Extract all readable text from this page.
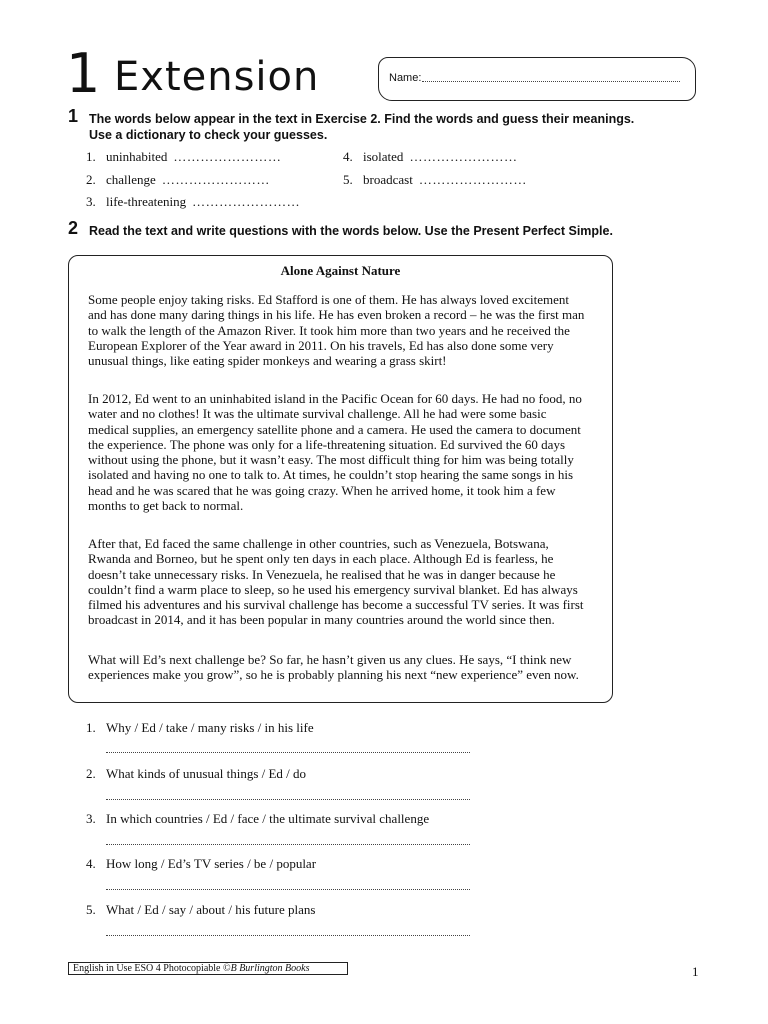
1 Extension	Name:
1 The words below appear in the text in Exercise 2. Find the words and guess their meanings.
Use a dictionary to check your guesses.
1. uninhabited ……………………
2. challenge ……………………
3. life-threatening ……………………
4. isolated ……………………
5. broadcast ……………………
2 Read the text and write questions with the words below. Use the Present Perfect Simple.
Alone Against Nature

Some people enjoy taking risks. Ed Stafford is one of them. He has always loved excitement and has done many daring things in his life. He has even broken a record – he was the first man to walk the length of the Amazon River. It took him more than two years and he received the European Explorer of the Year award in 2011. On his travels, Ed has also done some very unusual things, like eating spider monkeys and wearing a grass skirt!

In 2012, Ed went to an uninhabited island in the Pacific Ocean for 60 days. He had no food, no water and no clothes! It was the ultimate survival challenge. All he had were some basic medical supplies, an emergency satellite phone and a camera. He used the camera to document the experience. The phone was only for a life-threatening situation. Ed survived the 60 days without using the phone, but it wasn’t easy. The most difficult thing for him was being totally isolated and having no one to talk to. At times, he couldn’t stop hearing the same songs in his head and he was scared that he was going crazy. When he arrived home, it took him a few months to get back to normal.

After that, Ed faced the same challenge in other countries, such as Venezuela, Botswana, Rwanda and Borneo, but he spent only ten days in each place. Although Ed is fearless, he doesn’t take unnecessary risks. In Venezuela, he realised that he was in danger because he couldn’t find a warm place to sleep, so he used his emergency survival blanket. Ed has always filmed his adventures and his survival challenge has become a successful TV series. It was first broadcast in 2014, and it has been popular in many countries around the world since then.

What will Ed’s next challenge be? So far, he hasn’t given us any clues. He says, “I think new experiences make you grow”, so he is probably planning his next “new experience” even now.

1. Why / Ed / take / many risks / in his life
2. What kinds of unusual things / Ed / do
3. In which countries / Ed / face / the ultimate survival challenge
4. How long / Ed’s TV series / be / popular
5. What / Ed / say / about / his future plans
English in Use ESO 4 Photocopiable ©B Burlington Books	1
